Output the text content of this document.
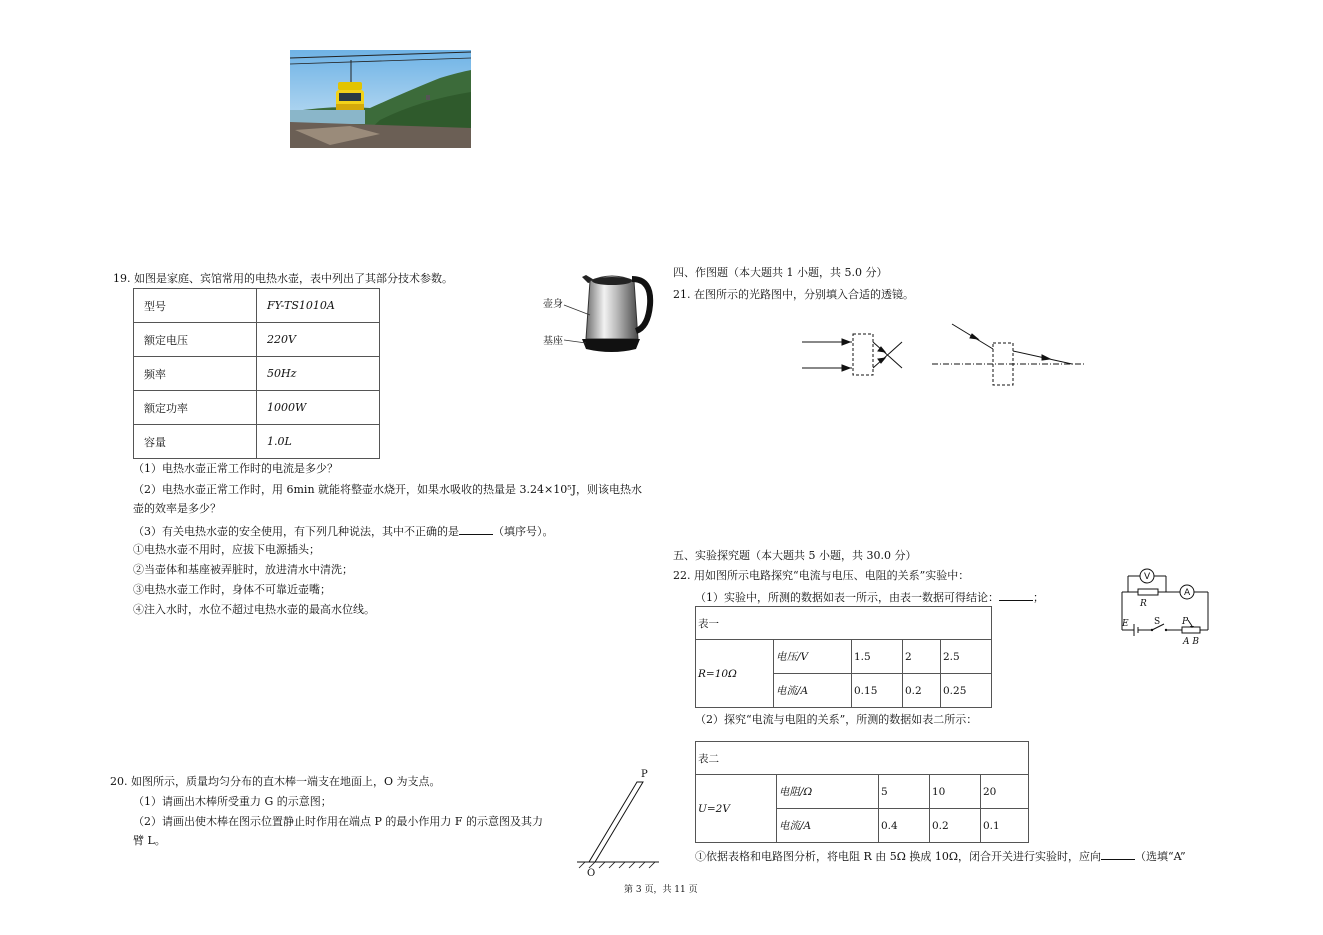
19. 如图是家庭、宾馆常用的电热水壶，表中列出了其部分技术参数。
型号	FY-TS1010A
额定电压	220V
频率	50Hz
额定功率	1000W
容量	1.0L
壶身
基座
（1）电热水壶正常工作时的电流是多少？
（2）电热水壶正常工作时，用 6min 就能将整壶水烧开，如果水吸收的热量是 3.24×10⁵J，则该电热水
壶的效率是多少？
（3）有关电热水壶的安全使用，有下列几种说法，其中不正确的是	（填序号）。
①电热水壶不用时，应拔下电源插头；
②当壶体和基座被弄脏时，放进清水中清洗；
③电热水壶工作时，身体不可靠近壶嘴；
④注入水时，水位不超过电热水壶的最高水位线。
20. 如图所示，质量均匀分布的直木棒一端支在地面上，O 为支点。
（1）请画出木棒所受重力 G 的示意图；
（2）请画出使木棒在图示位置静止时作用在端点 P 的最小作用力 F 的示意图及其力
臂 L。
P
O
四、作图题（本大题共 1 小题，共 5.0 分）
21. 在图所示的光路图中，分别填入合适的透镜。
五、实验探究题（本大题共 5 小题，共 30.0 分）
22. 用如图所示电路探究“电流与电压、电阻的关系”实验中：
（1）实验中，所测的数据如表一所示，由表一数据可得结论：	；
V
A
R
E	S P
A B
表一				
R=10Ω	电压/V	1.5	2	2.5
	电流/A	0.15	0.2	0.25
（2）探究“电流与电阻的关系”，所测的数据如表二所示：
表二				
U=2V	电阻/Ω	5	10	20
	电流/A	0.4	0.2	0.1
①依据表格和电路图分析，将电阻 R 由 5Ω 换成 10Ω，闭合开关进行实验时，应向	（选填“A”
第 3 页，共 11 页
